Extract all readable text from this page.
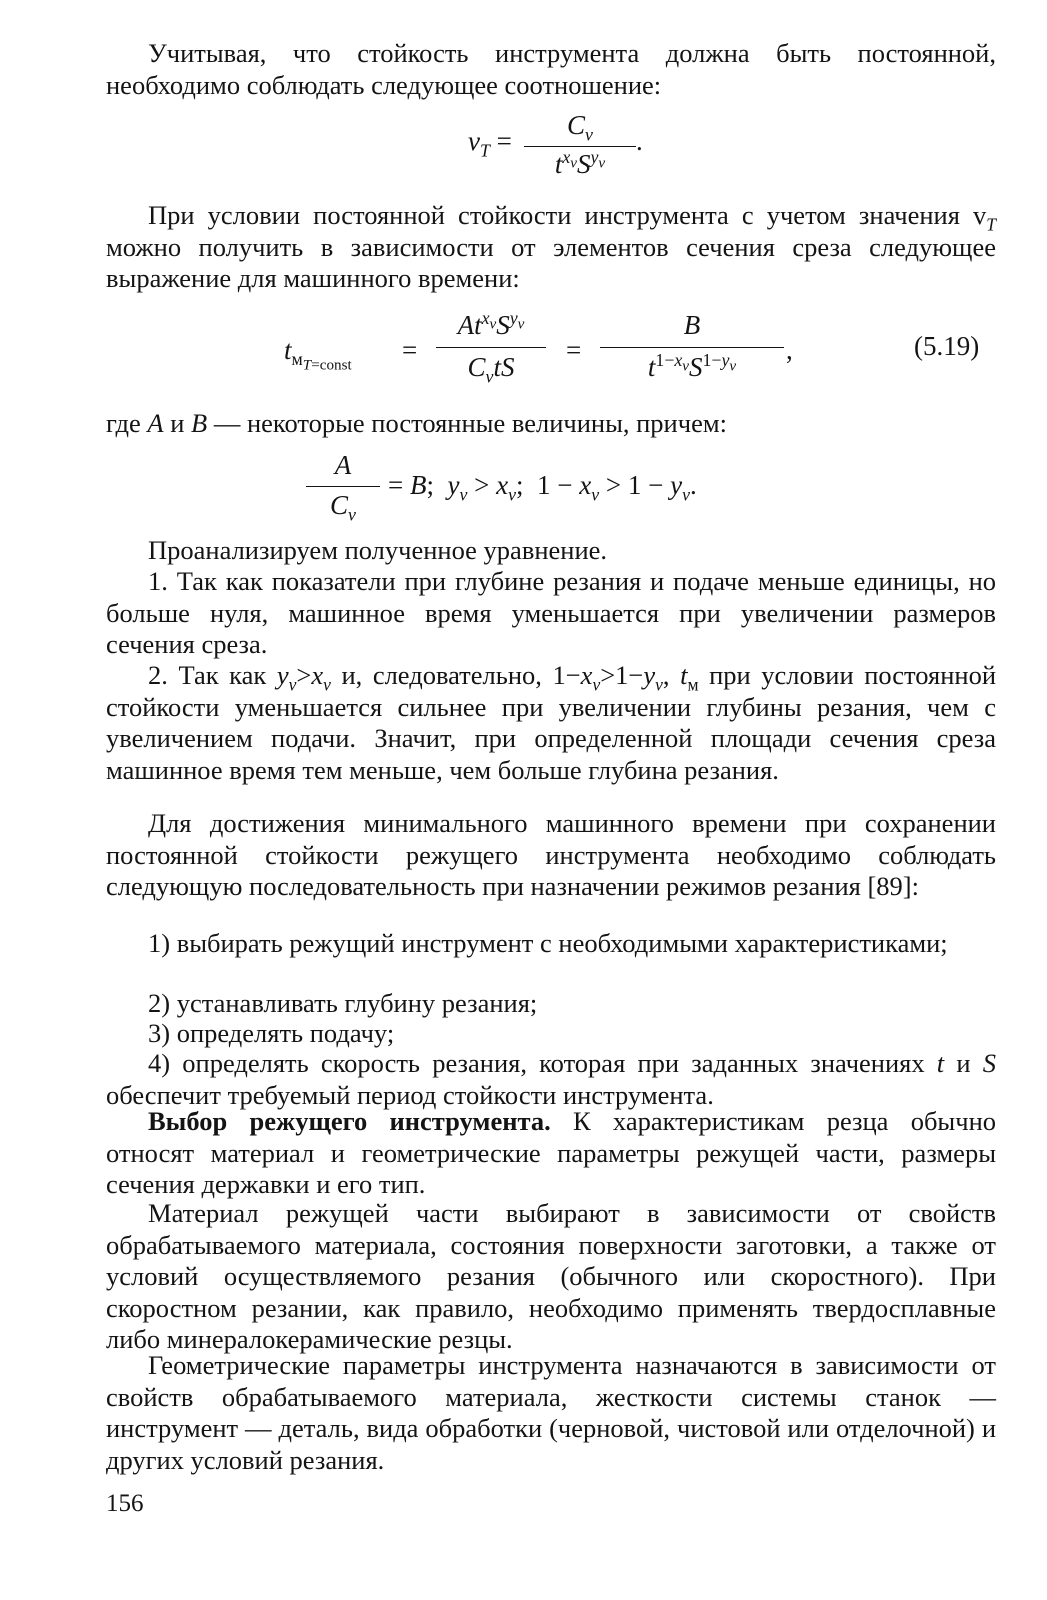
Учитывая, что стойкость инструмента должна быть постоянной, необходимо соблюдать следующее соотношение:

$v_T$ =
$C_v$
$t^{x_v}S^{y_v}$
.

При условии постоянной стойкости инструмента с учетом значения $v_T$ можно получить в зависимости от элементов сечения среза следующее выражение для машинного времени:

$t_{м_{T=const}}$
=
$At^{x_v}S^{y_v}$
$C_vtS$
=
B
$t^{1-x_v}S^{1-y_v}$
,	(5.19)

где A и B — некоторые постоянные величины, причем:

A
$C_v$
= B;  $y_v > x_v$;  $1 - x_v > 1 - y_v$.

Проанализируем полученное уравнение.

1. Так как показатели при глубине резания и подаче меньше единицы, но больше нуля, машинное время уменьшается при увеличении размеров сечения среза.

2. Так как $y_v>x_v$ и, следовательно, $1-x_v>1-y_v$, $t_м$ при условии постоянной стойкости уменьшается сильнее при увеличении глубины резания, чем с увеличением подачи. Значит, при определенной площади сечения среза машинное время тем меньше, чем больше глубина резания.

Для достижения минимального машинного времени при сохранении постоянной стойкости режущего инструмента необходимо соблюдать следующую последовательность при назначении режимов резания [89]:

1) выбирать режущий инструмент с необходимыми характеристиками;

2) устанавливать глубину резания;

3) определять подачу;

4) определять скорость резания, которая при заданных значениях t и S обеспечит требуемый период стойкости инструмента.

Выбор режущего инструмента. К характеристикам резца обычно относят материал и геометрические параметры режущей части, размеры сечения державки и его тип.

Материал режущей части выбирают в зависимости от свойств обрабатываемого материала, состояния поверхности заготовки, а также от условий осуществляемого резания (обычного или скоростного). При скоростном резании, как правило, необходимо применять твердосплавные либо минералокерамические резцы.

Геометрические параметры инструмента назначаются в зависимости от свойств обрабатываемого материала, жесткости системы станок — инструмент — деталь, вида обработки (черновой, чистовой или отделочной) и других условий резания.

156
